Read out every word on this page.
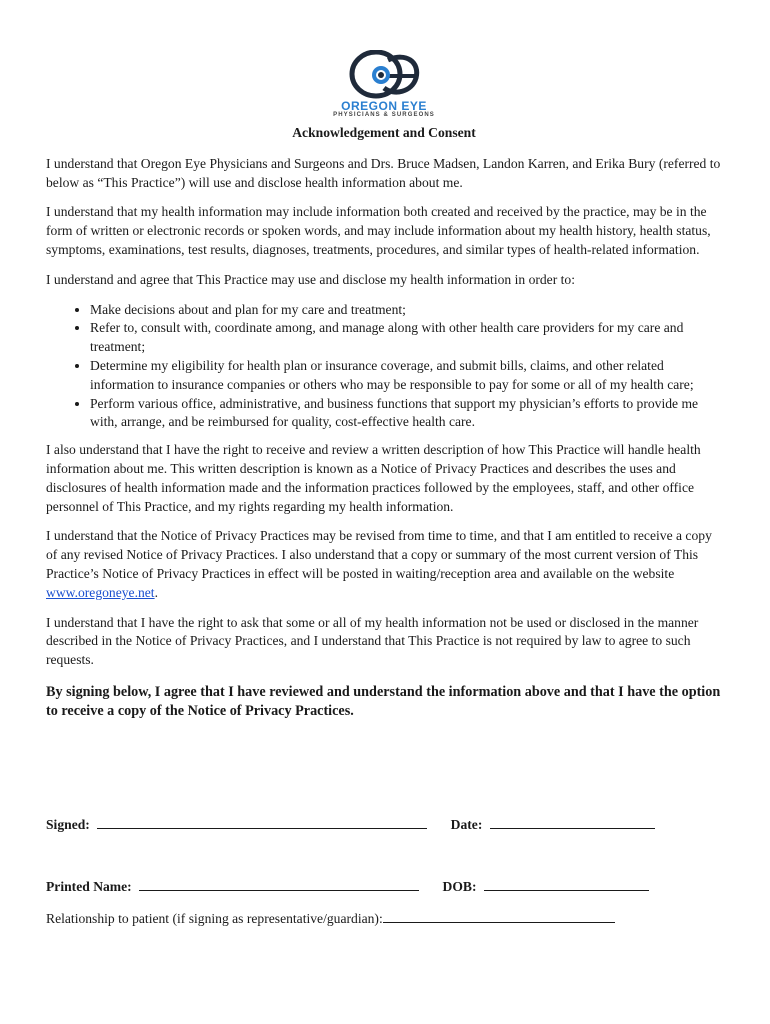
OREGON EYE
PHYSICIANS & SURGEONS
Acknowledgement and Consent

I understand that Oregon Eye Physicians and Surgeons and Drs. Bruce Madsen, Landon Karren, and Erika Bury (referred to below as “This Practice”) will use and disclose health information about me.

I understand that my health information may include information both created and received by the practice, may be in the form of written or electronic records or spoken words, and may include information about my health history, health status, symptoms, examinations, test results, diagnoses, treatments, procedures, and similar types of health-related information.

I understand and agree that This Practice may use and disclose my health information in order to:

• Make decisions about and plan for my care and treatment;
• Refer to, consult with, coordinate among, and manage along with other health care providers for my care and treatment;
• Determine my eligibility for health plan or insurance coverage, and submit bills, claims, and other related information to insurance companies or others who may be responsible to pay for some or all of my health care;
• Perform various office, administrative, and business functions that support my physician’s efforts to provide me with, arrange, and be reimbursed for quality, cost-effective health care.

I also understand that I have the right to receive and review a written description of how This Practice will handle health information about me. This written description is known as a Notice of Privacy Practices and describes the uses and disclosures of health information made and the information practices followed by the employees, staff, and other office personnel of This Practice, and my rights regarding my health information.

I understand that the Notice of Privacy Practices may be revised from time to time, and that I am entitled to receive a copy of any revised Notice of Privacy Practices. I also understand that a copy or summary of the most current version of This Practice’s Notice of Privacy Practices in effect will be posted in waiting/reception area and available on the website www.oregoneye.net.

I understand that I have the right to ask that some or all of my health information not be used or disclosed in the manner described in the Notice of Privacy Practices, and I understand that This Practice is not required by law to agree to such requests.

By signing below, I agree that I have reviewed and understand the information above and that I have the option to receive a copy of the Notice of Privacy Practices.

Signed:	Date:
Printed Name:	DOB:
Relationship to patient (if signing as representative/guardian):
